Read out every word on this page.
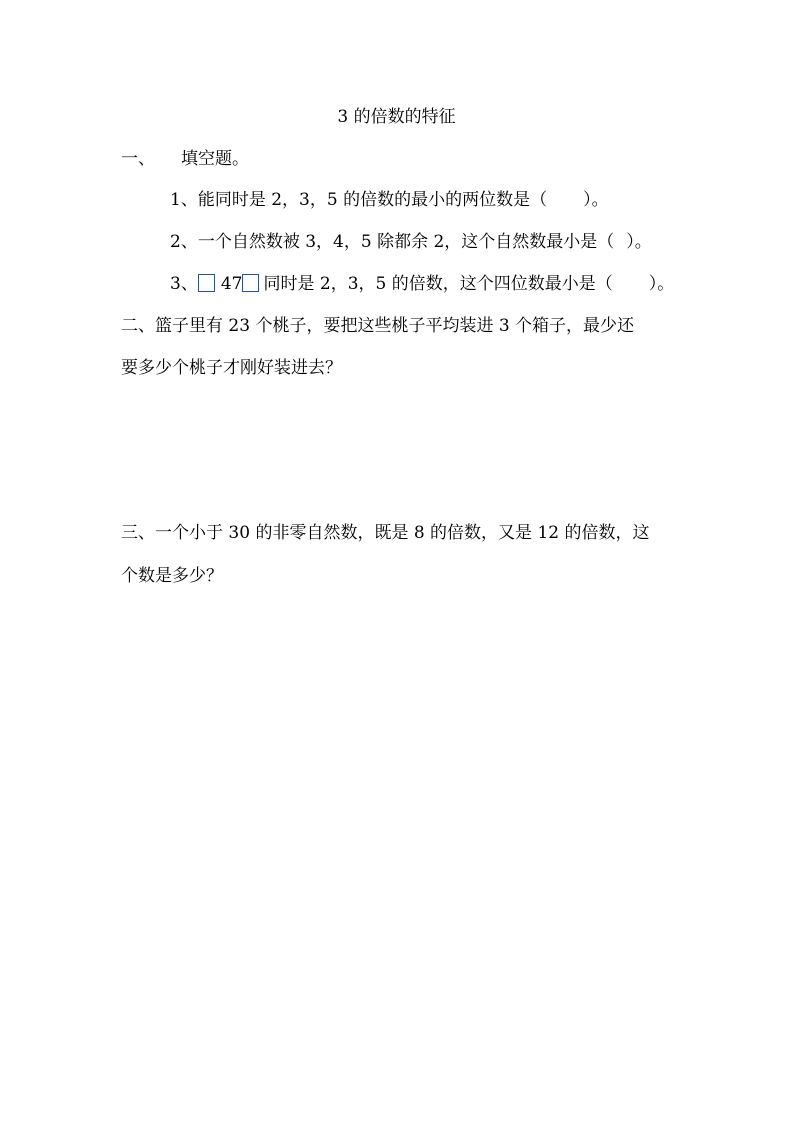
3 的倍数的特征
一、 填空题。
1、能同时是 2，3，5 的倍数的最小的两位数是（ ）。
2、一个自然数被 3，4，5 除都余 2，这个自然数最小是（ ）。
3、 47 同时是 2，3，5 的倍数，这个四位数最小是（ ）。
二、篮子里有 23 个桃子，要把这些桃子平均装进 3 个箱子，最少还
要多少个桃子才刚好装进去？
三、一个小于 30 的非零自然数，既是 8 的倍数，又是 12 的倍数，这
个数是多少？
